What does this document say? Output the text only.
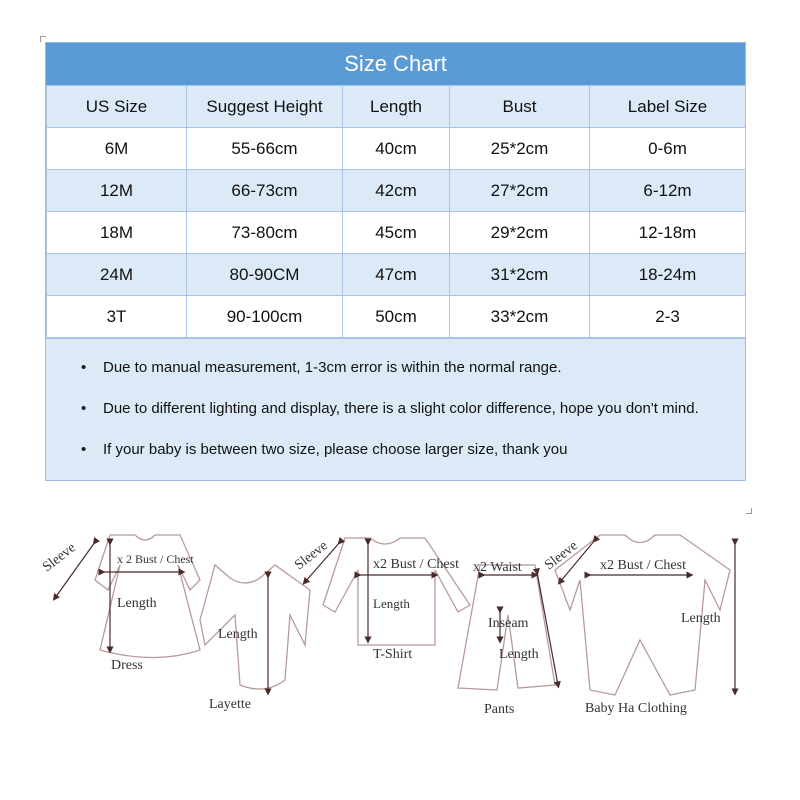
Size Chart
US Size	Suggest Height	Length	Bust	Label Size
6M	55-66cm	40cm	25*2cm	0-6m
12M	66-73cm	42cm	27*2cm	6-12m
18M	73-80cm	45cm	29*2cm	12-18m
24M	80-90CM	47cm	31*2cm	18-24m
3T	90-100cm	50cm	33*2cm	2-3
• Due to manual measurement, 1-3cm error is within the normal range.
• Due to different lighting and display, there is a slight color difference, hope you don't mind.
• If your baby is between two size, please choose larger size, thank you
Sleeve	x 2 Bust / Chest
Length
Dress
Length
Layette
Sleeve	x2 Bust / Chest
Length
T-Shirt
x2 Waist
Inseam
Length
Pants
Sleeve x2 Bust / Chest
Length
Baby Ha Clothing
